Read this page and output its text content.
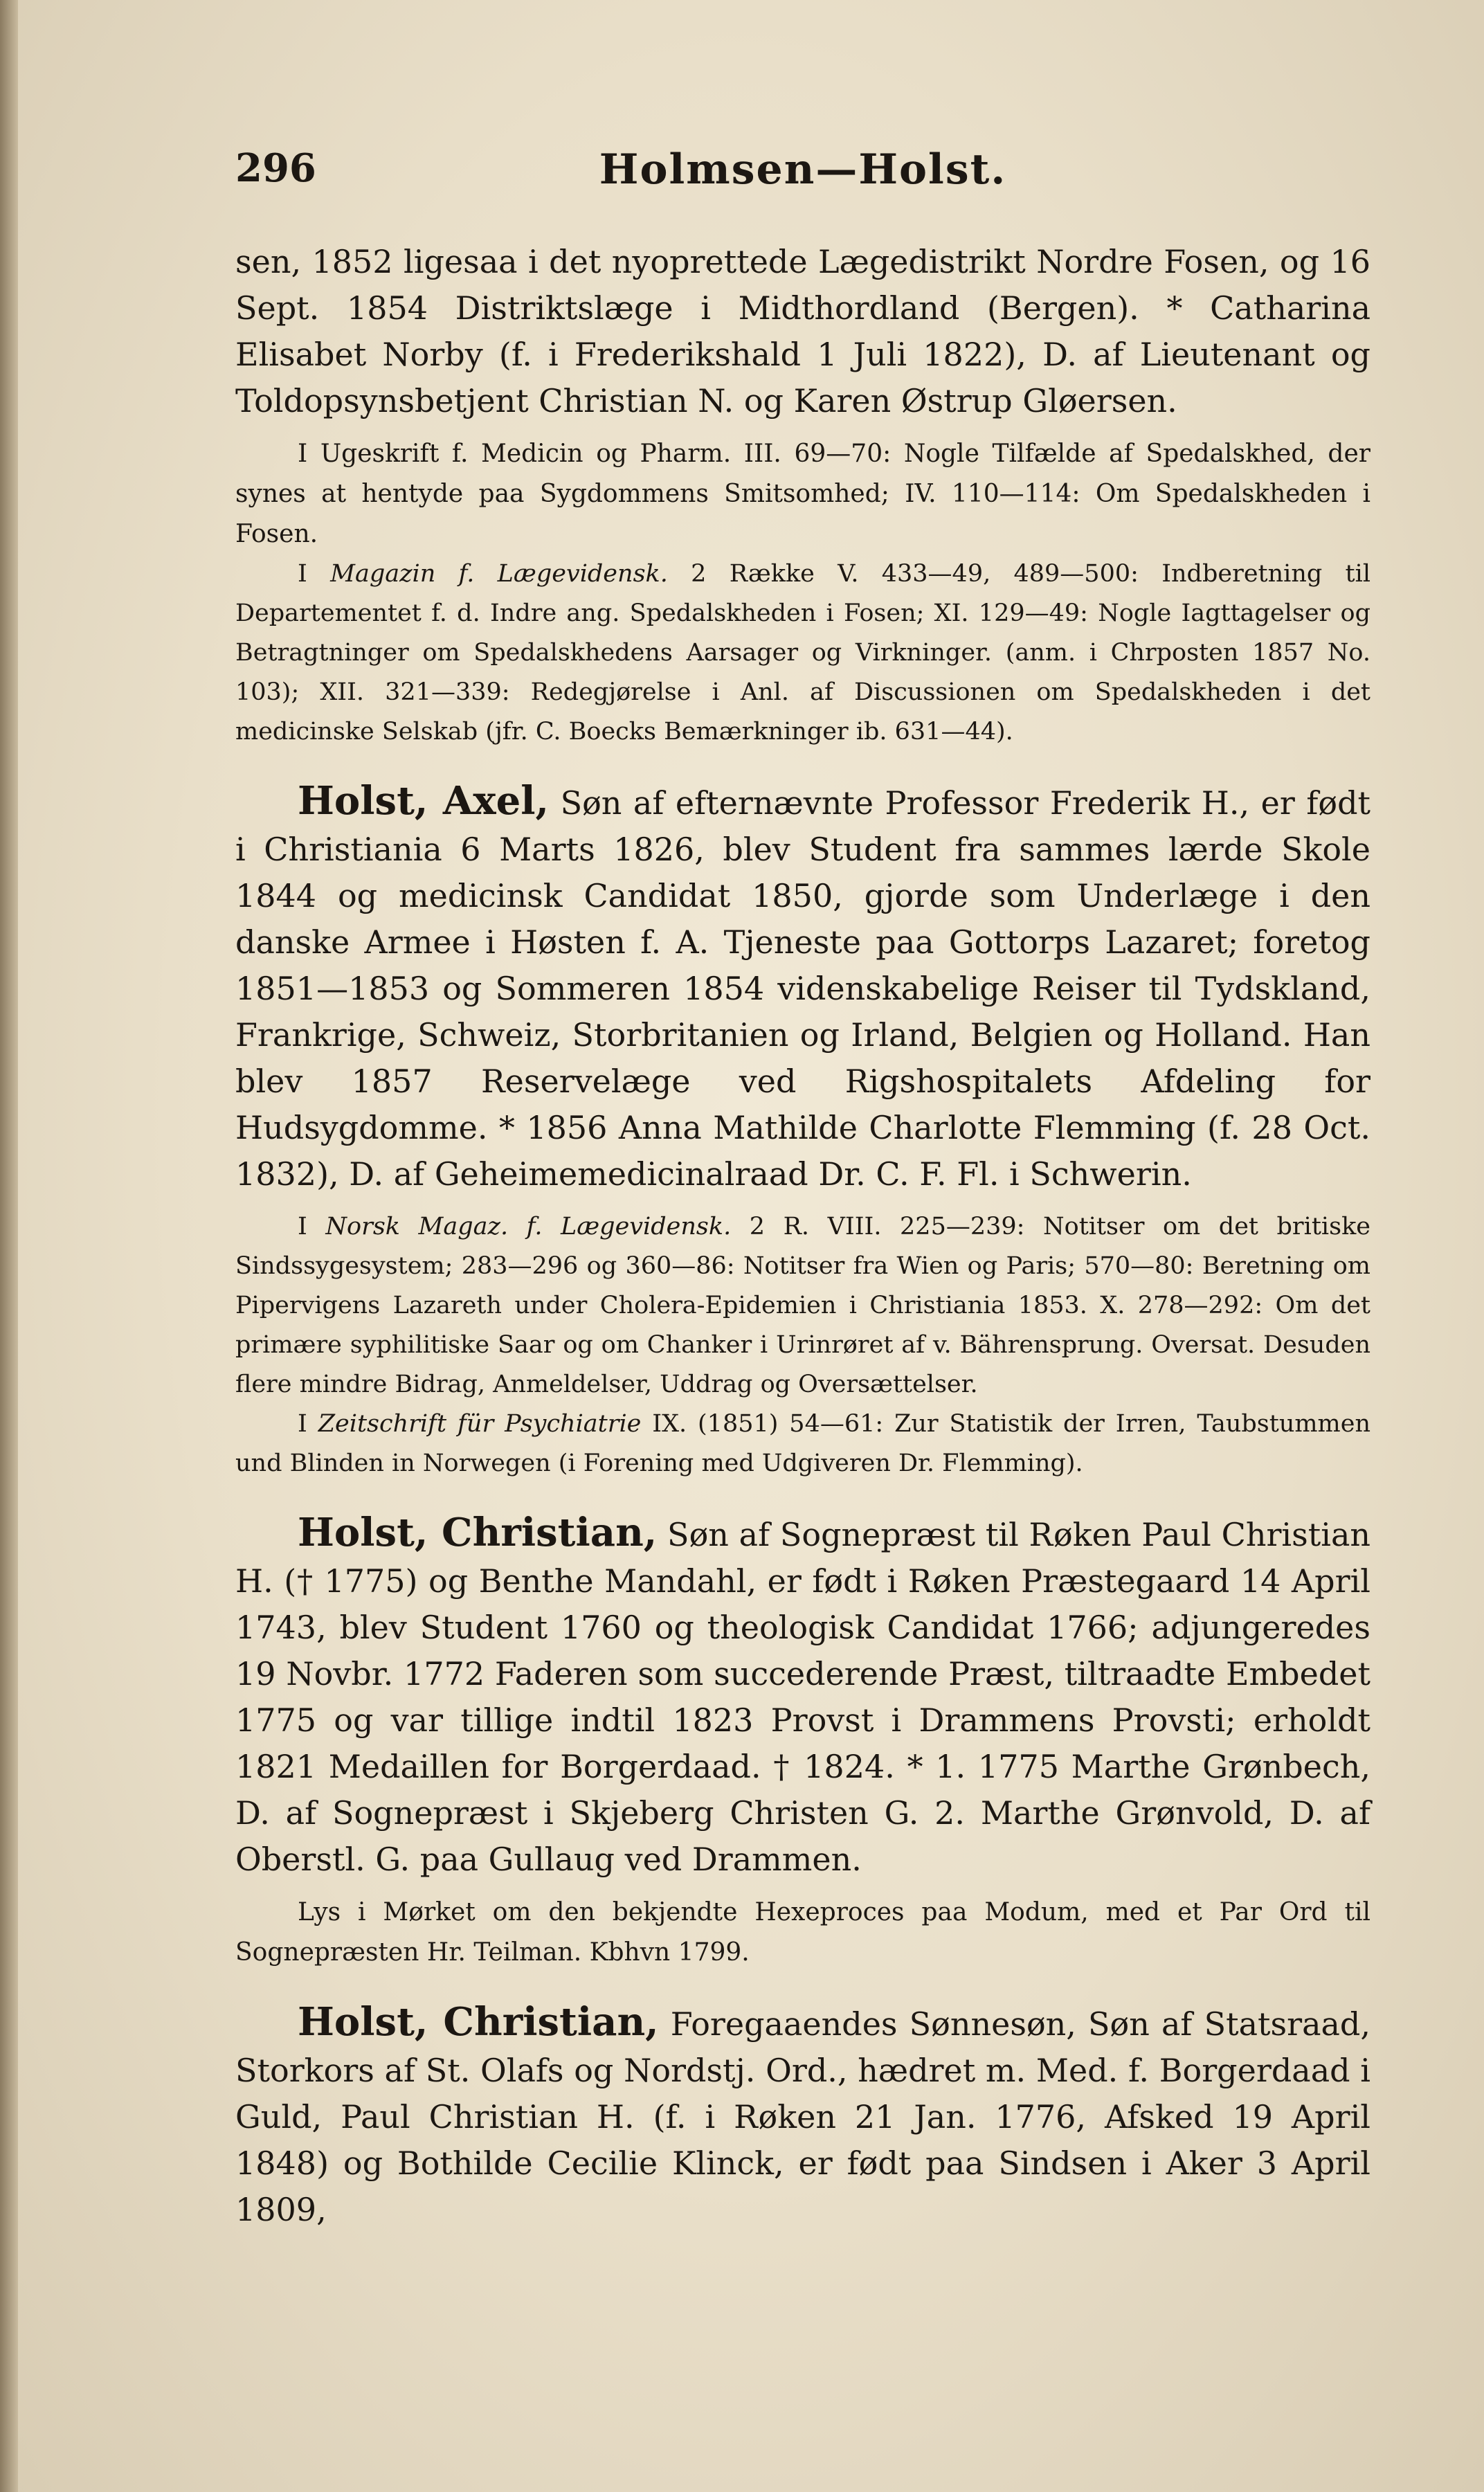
296	Holmsen—Holst.

sen, 1852 ligesaa i det nyoprettede Lægedistrikt Nordre Fosen, og 16 Sept. 1854 Distriktslæge i Midthordland (Bergen). * Catharina Elisabet Norby (f. i Frederikshald 1 Juli 1822), D. af Lieutenant og Toldopsynsbetjent Christian N. og Karen Østrup Gløersen.

I Ugeskrift f. Medicin og Pharm. III. 69—70: Nogle Tilfælde af Spedalskhed, der synes at hentyde paa Sygdommens Smitsomhed; IV. 110—114: Om Spedalskheden i Fosen.

I Magazin f. Lægevidensk. 2 Række V. 433—49, 489—500: Indberetning til Departementet f. d. Indre ang. Spedalskheden i Fosen; XI. 129—49: Nogle Iagttagelser og Betragtninger om Spedalskhedens Aarsager og Virkninger. (anm. i Chrposten 1857 No. 103); XII. 321—339: Redegjørelse i Anl. af Discussionen om Spedalskheden i det medicinske Selskab (jfr. C. Boecks Bemærkninger ib. 631—44).

Holst, Axel, Søn af efternævnte Professor Frederik H., er født i Christiania 6 Marts 1826, blev Student fra sammes lærde Skole 1844 og medicinsk Candidat 1850, gjorde som Underlæge i den danske Armee i Høsten f. A. Tjeneste paa Gottorps Lazaret; foretog 1851—1853 og Sommeren 1854 videnskabelige Reiser til Tydskland, Frankrige, Schweiz, Storbritanien og Irland, Belgien og Holland. Han blev 1857 Reservelæge ved Rigshospitalets Afdeling for Hudsygdomme. * 1856 Anna Mathilde Charlotte Flemming (f. 28 Oct. 1832), D. af Geheimemedicinalraad Dr. C. F. Fl. i Schwerin.

I Norsk Magaz. f. Lægevidensk. 2 R. VIII. 225—239: Notitser om det britiske Sindssygesystem; 283—296 og 360—86: Notitser fra Wien og Paris; 570—80: Beretning om Pipervigens Lazareth under Cholera-Epidemien i Christiania 1853. X. 278—292: Om det primære syphilitiske Saar og om Chanker i Urinrøret af v. Bährensprung. Oversat. Desuden flere mindre Bidrag, Anmeldelser, Uddrag og Oversættelser.

I Zeitschrift für Psychiatrie IX. (1851) 54—61: Zur Statistik der Irren, Taubstummen und Blinden in Norwegen (i Forening med Udgiveren Dr. Flemming).

Holst, Christian, Søn af Sognepræst til Røken Paul Christian H. († 1775) og Benthe Mandahl, er født i Røken Præstegaard 14 April 1743, blev Student 1760 og theologisk Candidat 1766; adjungeredes 19 Novbr. 1772 Faderen som succederende Præst, tiltraadte Embedet 1775 og var tillige indtil 1823 Provst i Drammens Provsti; erholdt 1821 Medaillen for Borgerdaad. † 1824. * 1. 1775 Marthe Grønbech, D. af Sognepræst i Skjeberg Christen G. 2. Marthe Grønvold, D. af Oberstl. G. paa Gullaug ved Drammen.

Lys i Mørket om den bekjendte Hexeproces paa Modum, med et Par Ord til Sognepræsten Hr. Teilman. Kbhvn 1799.

Holst, Christian, Foregaaendes Sønnesøn, Søn af Statsraad, Storkors af St. Olafs og Nordstj. Ord., hædret m. Med. f. Borgerdaad i Guld, Paul Christian H. (f. i Røken 21 Jan. 1776, Afsked 19 April 1848) og Bothilde Cecilie Klinck, er født paa Sindsen i Aker 3 April 1809,
